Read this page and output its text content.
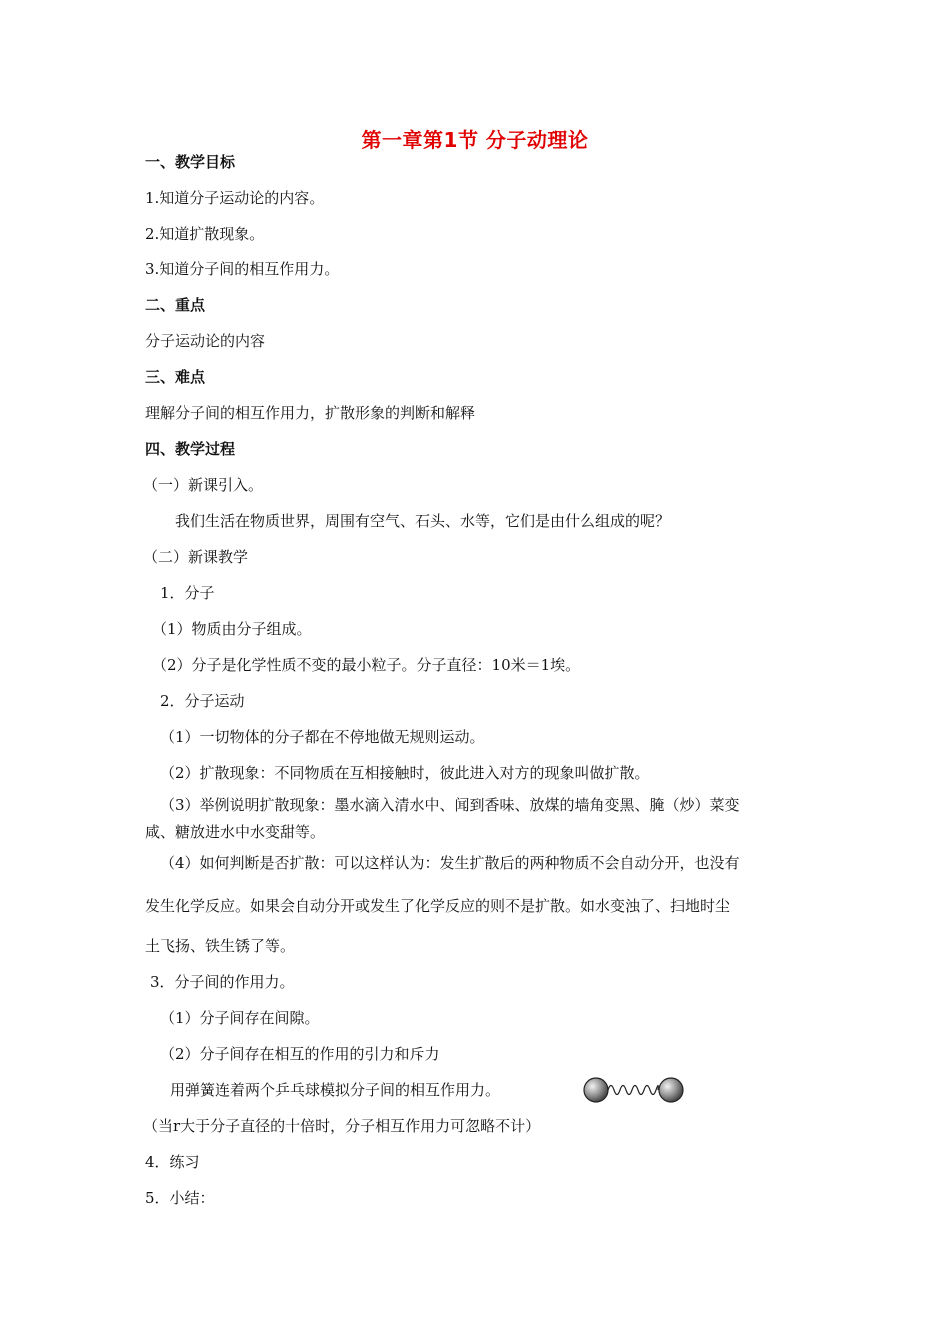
第一章第1节 分子动理论
一、教学目标
1.知道分子运动论的内容。
2.知道扩散现象。
3.知道分子间的相互作用力。
二、重点
分子运动论的内容
三、难点
理解分子间的相互作用力，扩散形象的判断和解释
四、教学过程
（一）新课引入。
我们生活在物质世界，周围有空气、石头、水等，它们是由什么组成的呢？
（二）新课教学
1．分子
（1）物质由分子组成。
（2）分子是化学性质不变的最小粒子。分子直径：10米＝1埃。
2．分子运动
（1）一切物体的分子都在不停地做无规则运动。
（2）扩散现象：不同物质在互相接触时，彼此进入对方的现象叫做扩散。
（3）举例说明扩散现象：墨水滴入清水中、闻到香味、放煤的墙角变黑、腌（炒）菜变
咸、糖放进水中水变甜等。
（4）如何判断是否扩散：可以这样认为：发生扩散后的两种物质不会自动分开，也没有
发生化学反应。如果会自动分开或发生了化学反应的则不是扩散。如水变浊了、扫地时尘
土飞扬、铁生锈了等。
3．分子间的作用力。
（1）分子间存在间隙。
（2）分子间存在相互的作用的引力和斥力
用弹簧连着两个乒乓球模拟分子间的相互作用力。
（当r大于分子直径的十倍时，分子相互作用力可忽略不计）
4．练习
5．小结：
